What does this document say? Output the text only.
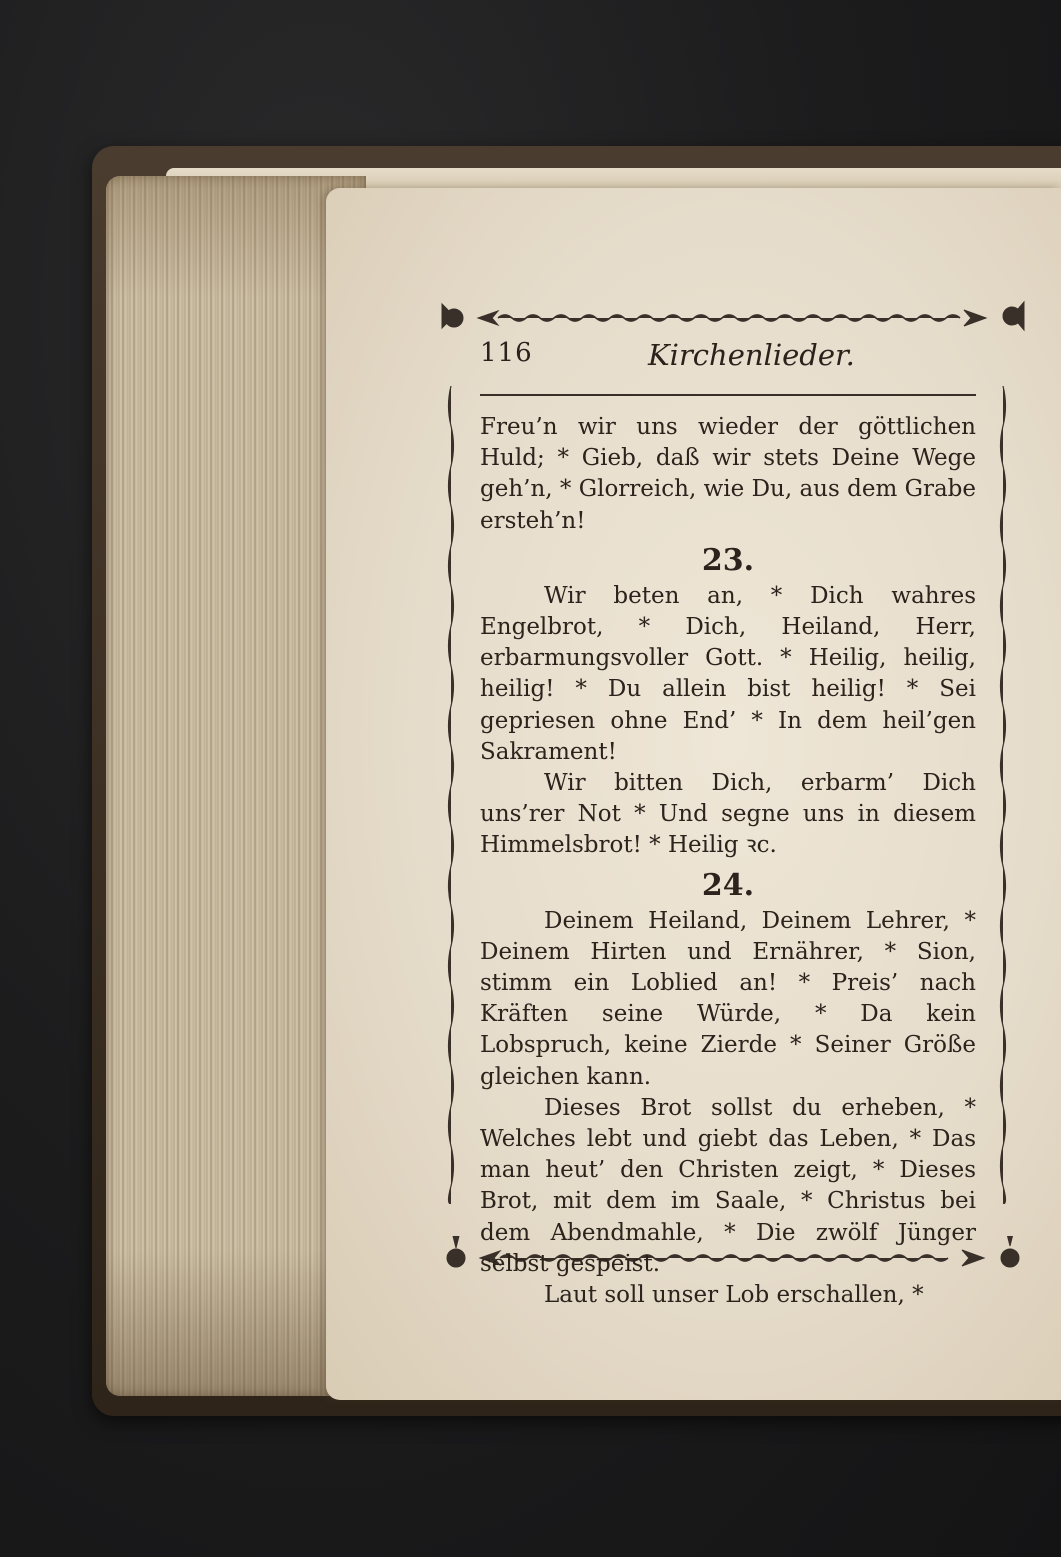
116	Kirchenlieder.

Freu’n wir uns wieder der göttlichen Huld; * Gieb, daß wir stets Deine Wege geh’n, * Glorreich, wie Du, aus dem Grabe ersteh’n!

23.

Wir beten an, * Dich wahres Engelbrot, * Dich, Heiland, Herr, erbarmungsvoller Gott. * Heilig, heilig, heilig! * Du allein bist heilig! * Sei gepriesen ohne End’ * In dem heil’gen Sakrament!

Wir bitten Dich, erbarm’ Dich uns’rer Not * Und segne uns in diesem Himmelsbrot! * Heilig ꝛc.

24.

Deinem Heiland, Deinem Lehrer, * Deinem Hirten und Ernährer, * Sion, stimm ein Loblied an! * Preis’ nach Kräften seine Würde, * Da kein Lobspruch, keine Zierde * Seiner Größe gleichen kann.

Dieses Brot sollst du erheben, * Welches lebt und giebt das Leben, * Das man heut’ den Christen zeigt, * Dieses Brot, mit dem im Saale, * Christus bei dem Abendmahle, * Die zwölf Jünger selbst gespeist.

Laut soll unser Lob erschallen, *
